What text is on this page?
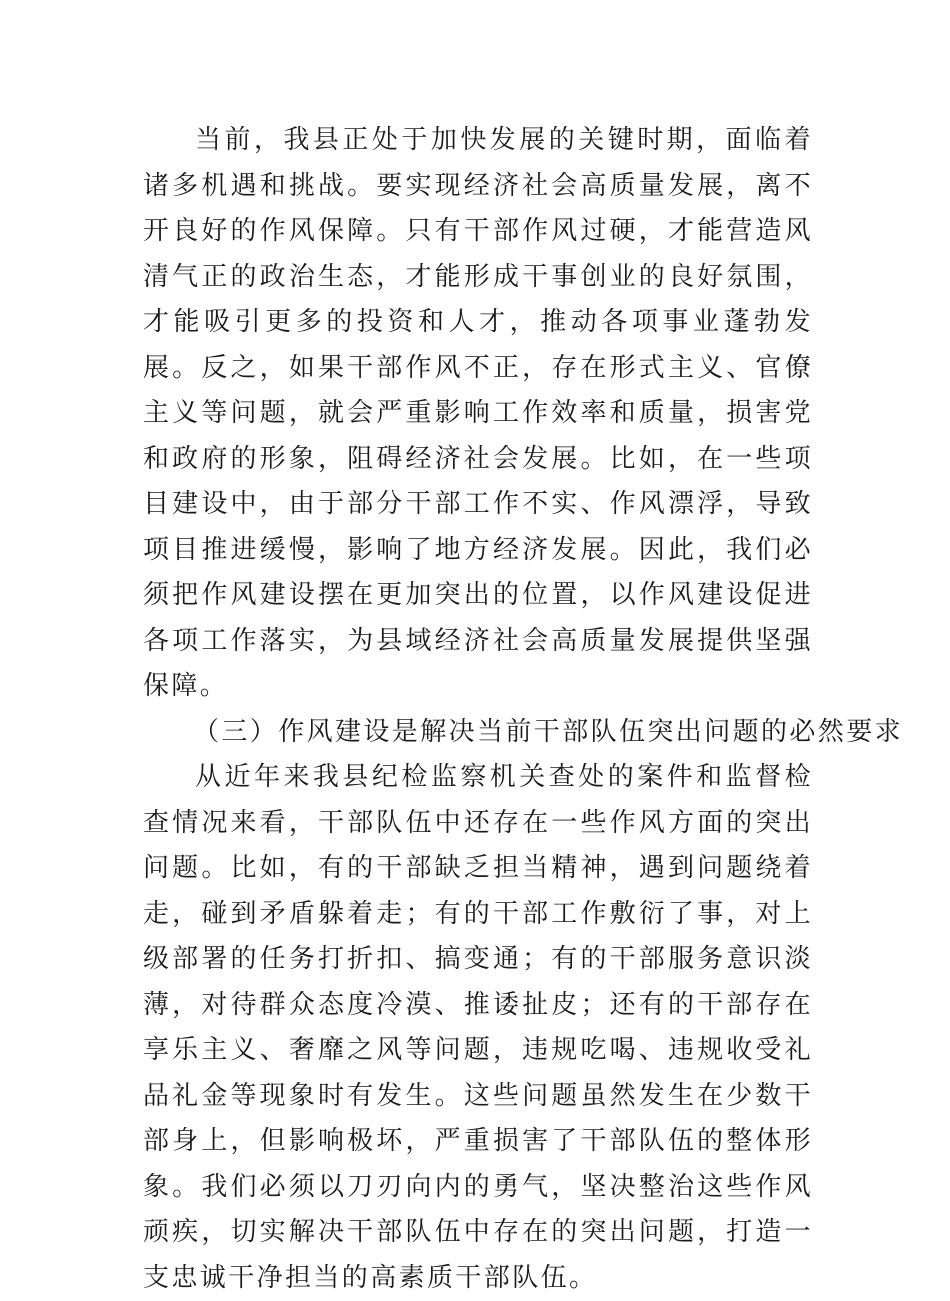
当前，我县正处于加快发展的关键时期，面临着诸多机遇和挑战。要实现经济社会高质量发展，离不开良好的作风保障。只有干部作风过硬，才能营造风清气正的政治生态，才能形成干事创业的良好氛围，才能吸引更多的投资和人才，推动各项事业蓬勃发展。反之，如果干部作风不正，存在形式主义、官僚主义等问题，就会严重影响工作效率和质量，损害党和政府的形象，阻碍经济社会发展。比如，在一些项目建设中，由于部分干部工作不实、作风漂浮，导致项目推进缓慢，影响了地方经济发展。因此，我们必须把作风建设摆在更加突出的位置，以作风建设促进各项工作落实，为县域经济社会高质量发展提供坚强保障。

（三）作风建设是解决当前干部队伍突出问题的必然要求

从近年来我县纪检监察机关查处的案件和监督检查情况来看，干部队伍中还存在一些作风方面的突出问题。比如，有的干部缺乏担当精神，遇到问题绕着走，碰到矛盾躲着走；有的干部工作敷衍了事，对上级部署的任务打折扣、搞变通；有的干部服务意识淡薄，对待群众态度冷漠、推诿扯皮；还有的干部存在享乐主义、奢靡之风等问题，违规吃喝、违规收受礼品礼金等现象时有发生。这些问题虽然发生在少数干部身上，但影响极坏，严重损害了干部队伍的整体形象。我们必须以刀刃向内的勇气，坚决整治这些作风顽疾，切实解决干部队伍中存在的突出问题，打造一支忠诚干净担当的高素质干部队伍。
